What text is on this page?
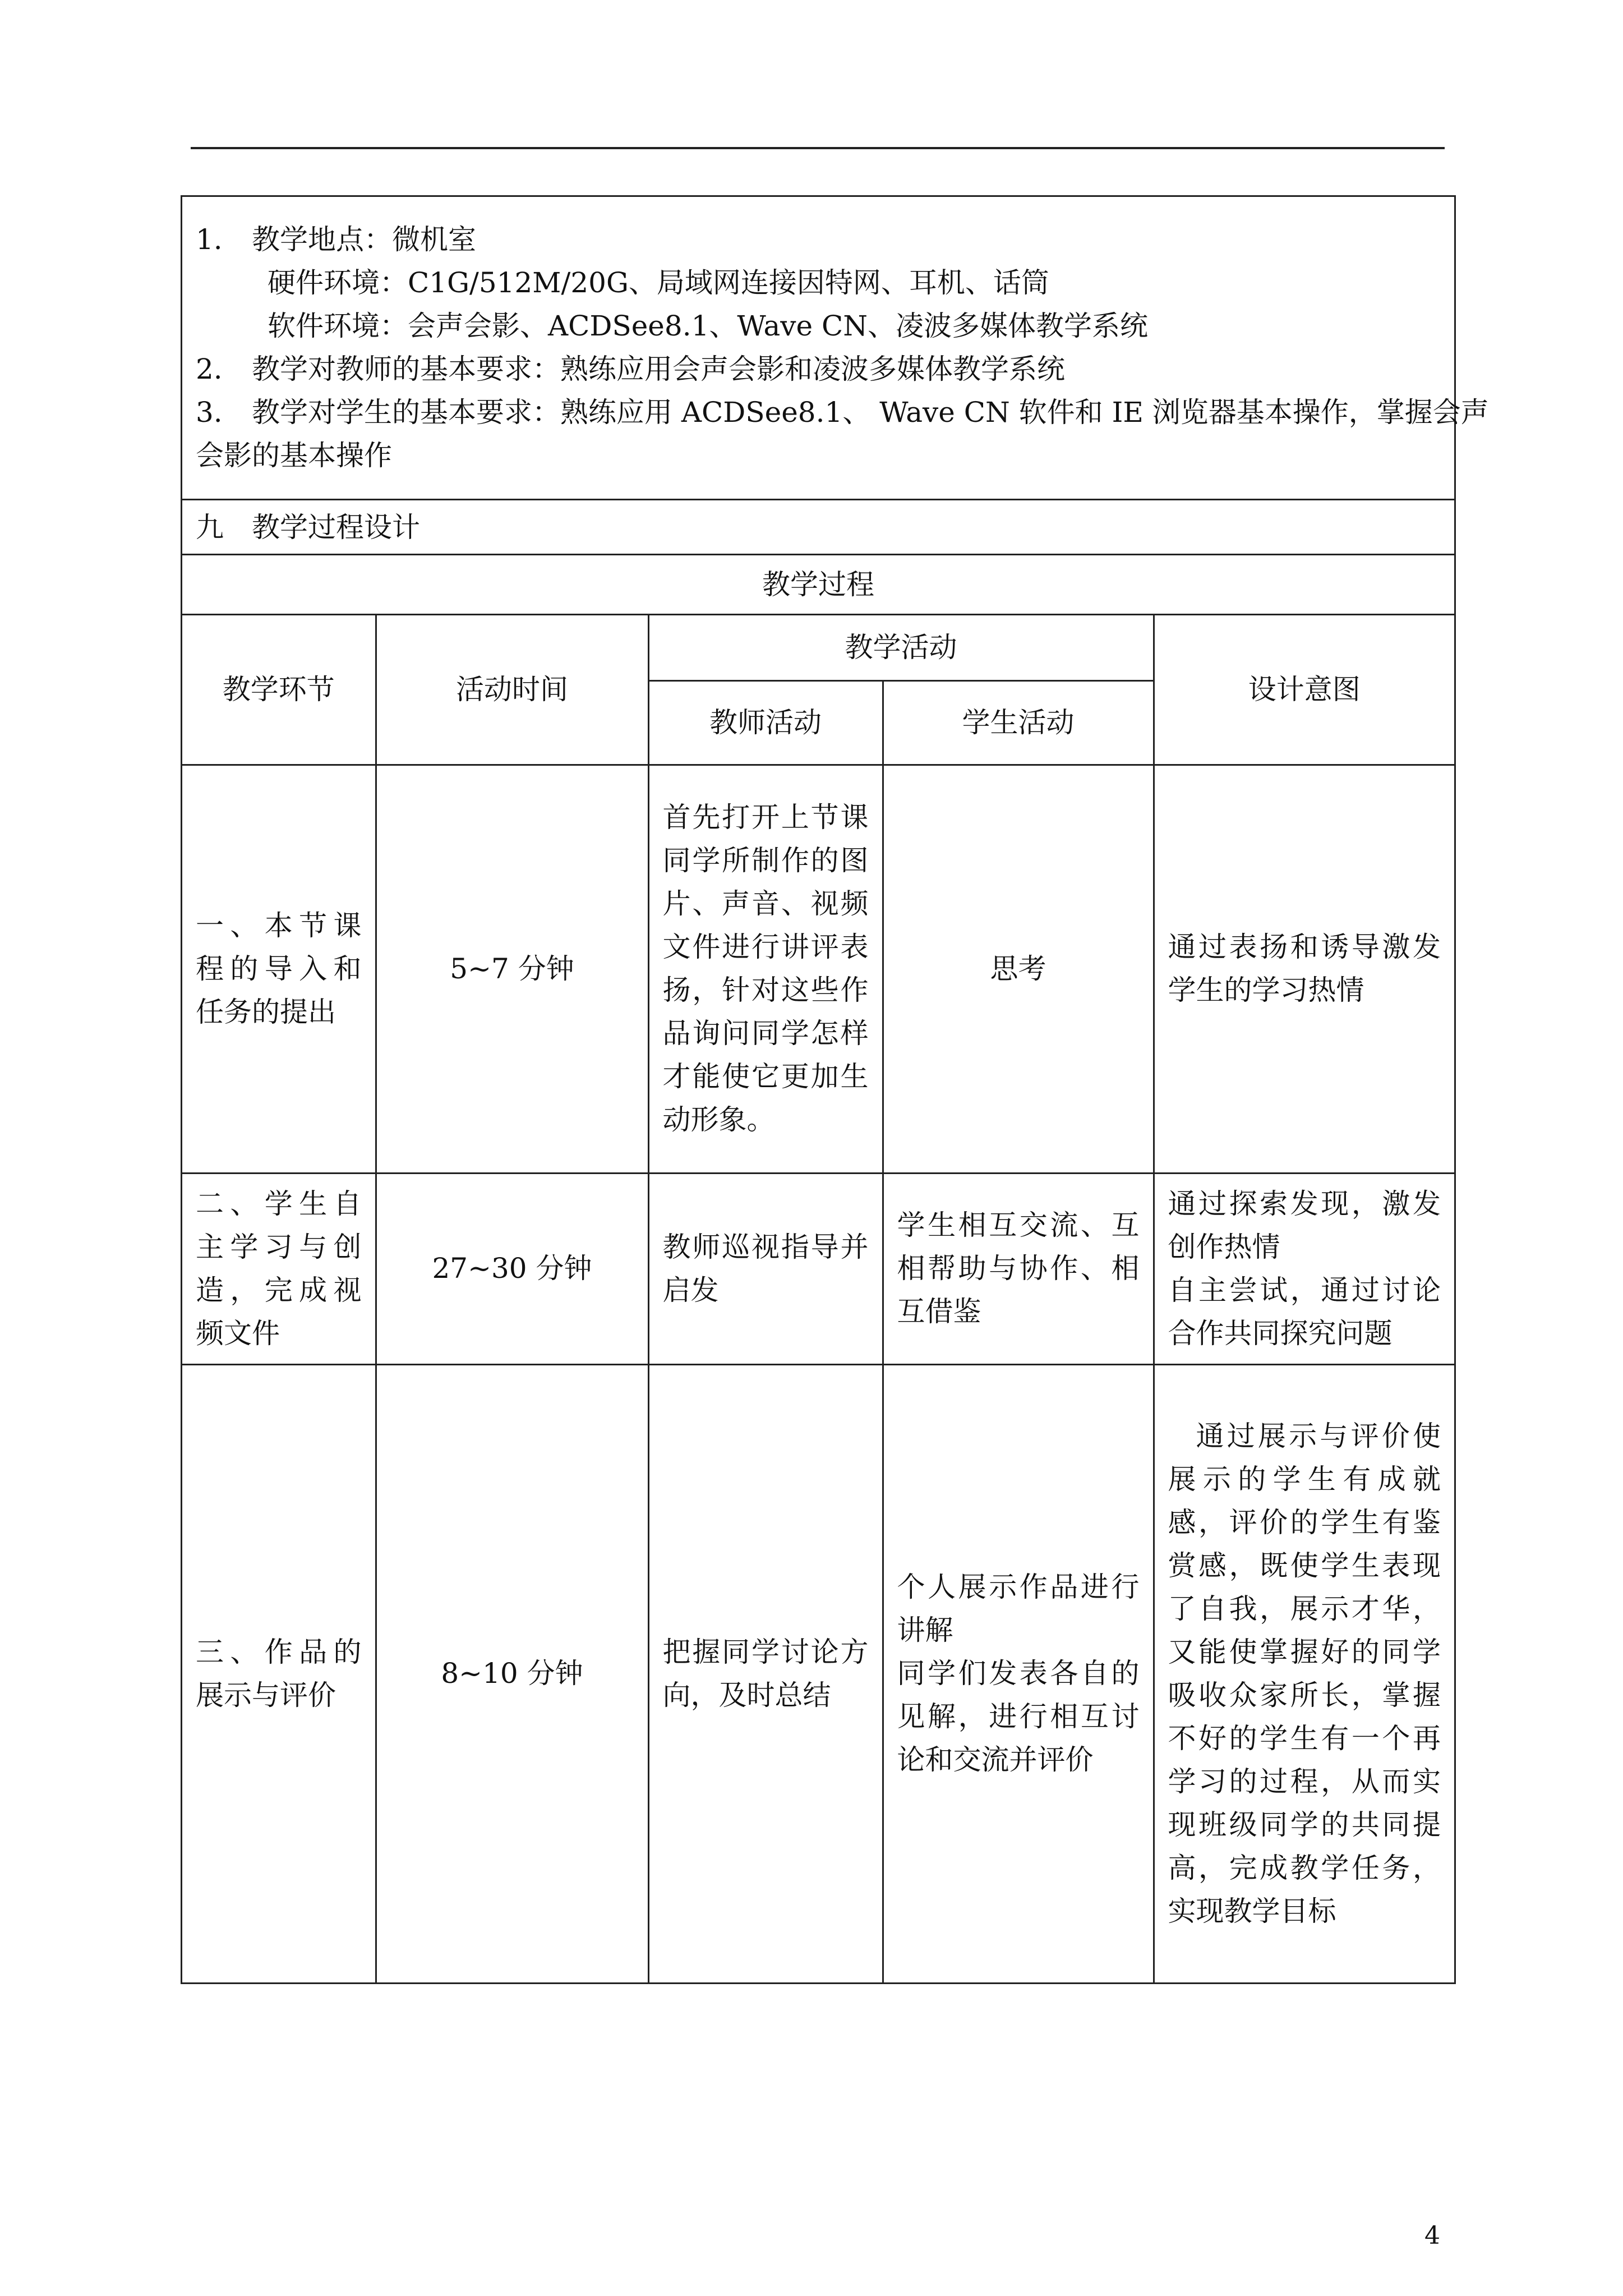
1. 教学地点：微机室
硬件环境：C1G/512M/20G、局域网连接因特网、耳机、话筒
软件环境：会声会影、ACDSee8.1、Wave CN、凌波多媒体教学系统
2. 教学对教师的基本要求：熟练应用会声会影和凌波多媒体教学系统
3. 教学对学生的基本要求：熟练应用 ACDSee8.1、 Wave CN 软件和 IE 浏览器基本操作，掌握会声
会影的基本操作
九　教学过程设计
教学过程
教学环节	活动时间	教学活动		设计意图
		教师活动	学生活动	
一、本节课程的导入和任务的提出	5~7 分钟	首先打开上节课同学所制作的图片、声音、视频文件进行讲评表扬，针对这些作品询问同学怎样才能使它更加生动形象。	思考	通过表扬和诱导激发学生的学习热情
二、学生自主学习与创造，完成视频文件	27~30 分钟	教师巡视指导并启发	学生相互交流、互相帮助与协作、相互借鉴	通过探索发现，激发创作热情
自主尝试，通过讨论合作共同探究问题
三、作品的展示与评价	8~10 分钟	把握同学讨论方向，及时总结	个人展示作品进行讲解
同学们发表各自的见解，进行相互讨论和交流并评价	通过展示与评价使展示的学生有成就感，评价的学生有鉴赏感，既使学生表现了自我，展示才华，又能使掌握好的同学吸收众家所长，掌握不好的学生有一个再学习的过程，从而实现班级同学的共同提高，完成教学任务，实现教学目标
4
